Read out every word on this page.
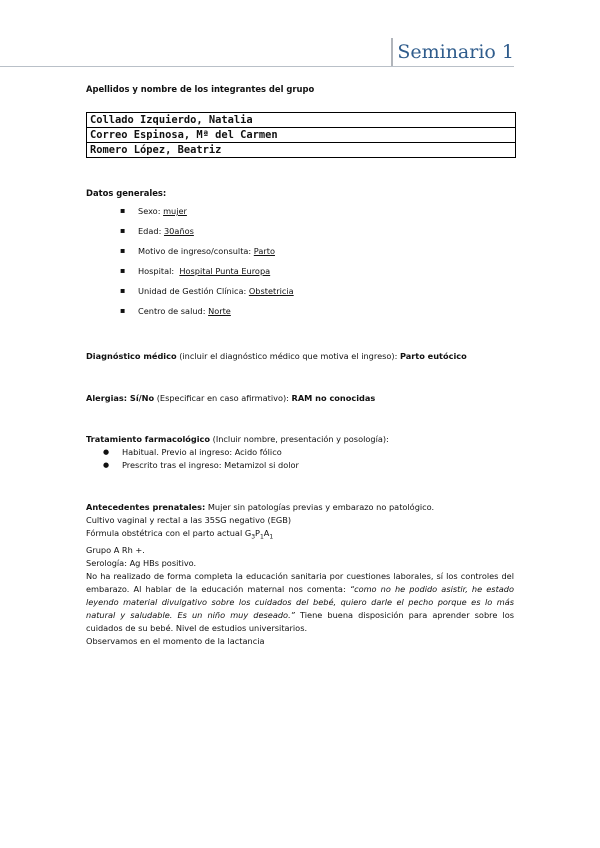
Seminario 1

Apellidos y nombre de los integrantes del grupo

Collado Izquierdo, Natalia
Correo Espinosa, Mª del Carmen
Romero López, Beatriz

Datos generales:

▪ Sexo: mujer
▪ Edad: 30años
▪ Motivo de ingreso/consulta: Parto
▪ Hospital:  Hospital Punta Europa
▪ Unidad de Gestión Clínica: Obstetricia
▪ Centro de salud: Norte

Diagnóstico médico (incluir el diagnóstico médico que motiva el ingreso): Parto eutócico

Alergias: Sí/No (Especificar en caso afirmativo): RAM no conocidas

Tratamiento farmacológico (Incluir nombre, presentación y posología):

● Habitual. Previo al ingreso: Acido fólico
● Prescrito tras el ingreso: Metamizol si dolor

Antecedentes prenatales: Mujer sin patologías previas y embarazo no patológico.

Cultivo vaginal y rectal a las 35SG negativo (EGB)

Fórmula obstétrica con el parto actual $G_3P_1A_1$

Grupo A Rh +.

Serología: Ag HBs positivo.

No ha realizado de forma completa la educación sanitaria por cuestiones laborales, sí los controles del embarazo. Al hablar de la educación maternal nos comenta: “como no he podido asistir, he estado leyendo material divulgativo sobre los cuidados del bebé, quiero darle el pecho porque es lo más natural y saludable. Es un niño muy deseado.” Tiene buena disposición para aprender sobre los cuidados de su bebé. Nivel de estudios universitarios.

Observamos en el momento de la lactancia
